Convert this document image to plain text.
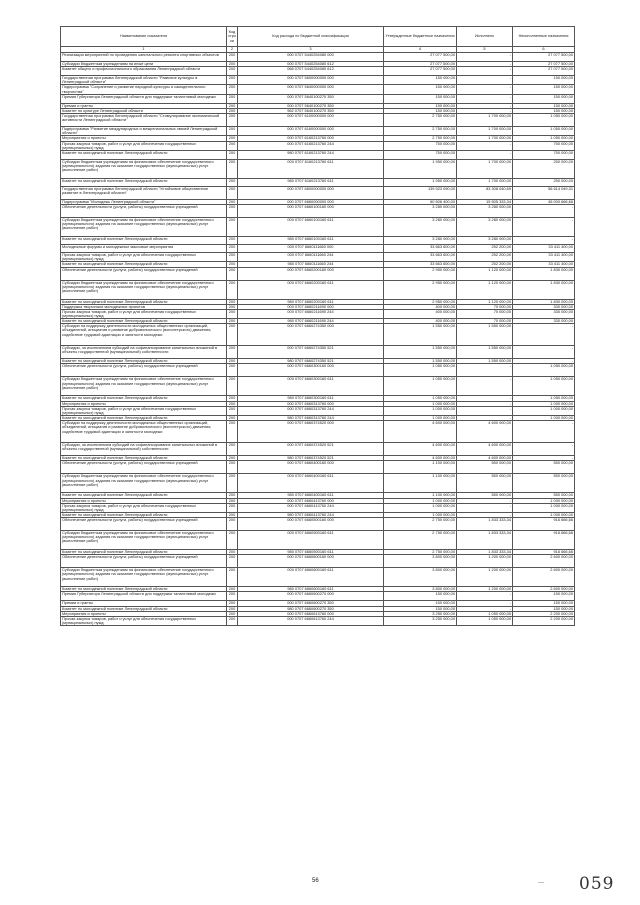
Наименование показателя	Код стро ки	Код расхода по бюджетной классификации	Утвержденные бюджетные назначения	Исполнено	Неисполненные назначения
1	2	3	4	5	6
Реализация мероприятий по проведению капитального ремонта спортивных объектов	200	000 0707 5440254080 000	27 077 500,00	-	27 077 500,00
Субсидии бюджетным учреждениям на иные цели	200	000 0707 5440254080 612	27 077 500,00	-	27 077 500,00
Комитет общего и профессионального образования Ленинградской области	200	068 0707 5440254080 612	27 077 500,00	-	27 077 500,00
Государственная программа Ленинградской области "Развитие культуры в Ленинградской области"	200	000 0707 5600000000 000	150 000,00	-	150 000,00
Подпрограмма "Сохранение и развитие народной культуры и самодеятельного творчества"	200	000 0707 5640000000 000	150 000,00	-	150 000,00
Премия Губернатора Ленинградской области для поддержки талантливой молодежи	200	000 0707 5640100270 350	150 000,00	-	150 000,00
Премии и гранты	200	000 0707 5640100270 350	150 000,00	-	150 000,00
Комитет по культуре Ленинградской области	200	962 0707 5640100270 350	150 000,00	-	150 000,00
Государственная программа Ленинградской области "Стимулирование экономической активности Ленинградской области"	200	000 0707 6100000000 000	2 750 000,00	1 700 000,00	1 050 000,00
Подпрограмма "Развитие международных и межрегиональных связей Ленинградской области"	200	000 0707 6160000000 000	2 750 000,00	1 700 000,00	1 050 000,00
Мероприятия и проекты	200	000 0707 6160213760 000	2 750 000,00	1 700 000,00	1 050 000,00
Прочая закупка товаров, работ и услуг для обеспечения государственных (муниципальных) нужд	200	000 0707 6160213760 244	750 000,00	-	750 000,00
Комитет по молодежной политике Ленинградской области	200	980 0707 6160213760 244	750 000,00	-	750 000,00
Субсидии бюджетным учреждениям на финансовое обеспечение государственного (муниципального) задания на оказание государственных (муниципальных) услуг (выполнение работ)	200	000 0707 6160213760 611	1 950 000,00	1 700 000,00	250 000,00
Комитет по молодежной политике Ленинградской области	200	980 0707 6160213760 611	1 950 000,00	1 700 000,00	250 000,00
Государственная программа Ленинградской области "Устойчивое общественное развитие в Ленинградской области"	200	000 0707 6600000000 000	139 923 090,00	83 308 040,69	56 614 049,31
Подпрограмма "Молодежь Ленинградской области"	200	000 0707 6660000000 000	60 506 400,00	15 505 333,34	45 000 666,66
Обеспечение деятельности (услуги, работы) государственных учреждений	200	000 0707 6660100160 000	3 280 000,00	3 280 000,00	-
Субсидии бюджетным учреждениям на финансовое обеспечение государственного (муниципального) задания на оказание государственных (муниципальных) услуг (выполнение работ)	200	000 0707 6660100160 611	3 280 000,00	3 280 000,00	-
Комитет по молодежной политике Ленинградской области	200	980 0707 6660100160 611	3 280 000,00	3 280 000,00	-
Молодежные форумы и молодежные массовые мероприятия	200	000 0707 6660111660 000	33 663 600,00	252 200,00	33 411 400,00
Прочая закупка товаров, работ и услуг для обеспечения государственных (муниципальных) нужд	200	000 0707 6660111660 244	33 663 600,00	252 200,00	33 411 400,00
Комитет по молодежной политике Ленинградской области	200	980 0707 6660111660 244	33 663 600,00	252 200,00	33 411 400,00
Обеспечение деятельности (услуги, работы) государственных учреждений	200	000 0707 6660200160 000	2 950 000,00	1 120 000,00	1 830 000,00
Субсидии бюджетным учреждениям на финансовое обеспечение государственного (муниципального) задания на оказание государственных (муниципальных) услуг (выполнение работ)	200	000 0707 6660200160 611	2 950 000,00	1 120 000,00	1 830 000,00
Комитет по молодежной политике Ленинградской области	200	980 0707 6660200160 611	2 950 000,00	1 120 000,00	1 830 000,00
Поддержка творческих молодежных проектов	200	000 0707 6660211690 000	400 000,00	70 000,00	330 000,00
Прочая закупка товаров, работ и услуг для обеспечения государственных (муниципальных) нужд	200	000 0707 6660211690 244	400 000,00	70 000,00	330 000,00
Комитет по молодежной политике Ленинградской области	200	980 0707 6660211690 244	400 000,00	70 000,00	330 000,00
Субсидии на поддержку деятельности молодежных общественных организаций, объединений, инициатив и развитие добровольческого (волонтерского) движения, содействие трудовой адаптации и занятости молодежи	200	000 0707 6660274350 000	1 550 000,00	1 550 000,00	-
Субсидии, за исключением субсидий на софинансирование капитальных вложений в объекты государственной (муниципальной) собственности	200	000 0707 6660274350 521	1 550 000,00	1 550 000,00	-
Комитет по молодежной политике Ленинградской области	200	980 0707 6660274350 521	1 550 000,00	1 550 000,00	-
Обеспечение деятельности (услуги, работы) государственных учреждений	200	000 0707 6660300160 000	1 050 000,00	-	1 050 000,00
Субсидии бюджетным учреждениям на финансовое обеспечение государственного (муниципального) задания на оказание государственных (муниципальных) услуг (выполнение работ)	200	000 0707 6660300160 611	1 050 000,00	-	1 050 000,00
Комитет по молодежной политике Ленинградской области	200	980 0707 6660300160 611	1 050 000,00	-	1 050 000,00
Мероприятия и проекты	200	000 0707 6660313760 000	1 000 000,00	-	1 000 000,00
Прочая закупка товаров, работ и услуг для обеспечения государственных (муниципальных) нужд	200	000 0707 6660313760 244	1 000 000,00	-	1 000 000,00
Комитет по молодежной политике Ленинградской области	200	980 0707 6660313760 244	1 000 000,00	-	1 000 000,00
Субсидии на поддержку деятельности молодежных общественных организаций, объединений, инициатив и развитие добровольческого (волонтерского) движения, содействие трудовой адаптации и занятости молодежи	200	000 0707 6660374520 000	4 600 000,00	4 600 000,00	-
Субсидии, за исключением субсидий на софинансирование капитальных вложений в объекты государственной (муниципальной) собственности	200	000 0707 6660374520 521	4 600 000,00	4 600 000,00	-
Комитет по молодежной политике Ленинградской области	200	980 0707 6660374520 521	4 600 000,00	4 600 000,00	-
Обеспечение деятельности (услуги, работы) государственных учреждений	200	000 0707 6660400160 000	1 100 000,00	550 000,00	550 000,00
Субсидии бюджетным учреждениям на финансовое обеспечение государственного (муниципального) задания на оказание государственных (муниципальных) услуг (выполнение работ)	200	000 0707 6660400160 611	1 100 000,00	550 000,00	550 000,00
Комитет по молодежной политике Ленинградской области	200	980 0707 6660400160 611	1 100 000,00	550 000,00	550 000,00
Мероприятия и проекты	200	000 0707 6660413760 000	1 000 000,00	-	1 000 000,00
Прочая закупка товаров, работ и услуг для обеспечения государственных (муниципальных) нужд	200	000 0707 6660413760 244	1 000 000,00	-	1 000 000,00
Комитет по молодежной политике Ленинградской области	200	980 0707 6660413760 244	1 000 000,00	-	1 000 000,00
Обеспечение деятельности (услуги, работы) государственных учреждений	200	000 0707 6660500160 000	2 750 000,00	1 833 333,34	916 666,66
Субсидии бюджетным учреждениям на финансовое обеспечение государственного (муниципального) задания на оказание государственных (муниципальных) услуг (выполнение работ)	200	000 0707 6660500160 611	2 750 000,00	1 833 333,34	916 666,66
Комитет по молодежной политике Ленинградской области	200	980 0707 6660500160 611	2 750 000,00	1 833 333,34	916 666,66
Обеспечение деятельности (услуги, работы) государственных учреждений	200	000 0707 6660600160 000	3 800 000,00	1 200 000,00	2 600 000,00
Субсидии бюджетным учреждениям на финансовое обеспечение государственного (муниципального) задания на оказание государственных (муниципальных) услуг (выполнение работ)	200	000 0707 6660600160 611	3 800 000,00	1 200 000,00	2 600 000,00
Комитет по молодежной политике Ленинградской области	200	980 0707 6660600160 611	3 800 000,00	1 200 000,00	2 600 000,00
Премия Губернатора Ленинградской области для поддержки талантливой молодежи	200	000 0707 6660600270 000	150 000,00	-	150 000,00
Премии и гранты	200	000 0707 6660600270 350	150 000,00	-	150 000,00
Комитет по молодежной политике Ленинградской области	200	980 0707 6660600270 350	150 000,00	-	150 000,00
Мероприятия и проекты	200	000 0707 6660613760 000	3 250 000,00	1 050 000,00	2 200 000,00
Прочая закупка товаров, работ и услуг для обеспечения государственных (муниципальных) нужд	200	000 0707 6660613760 244	3 250 000,00	1 050 000,00	2 200 000,00
56	— 059
